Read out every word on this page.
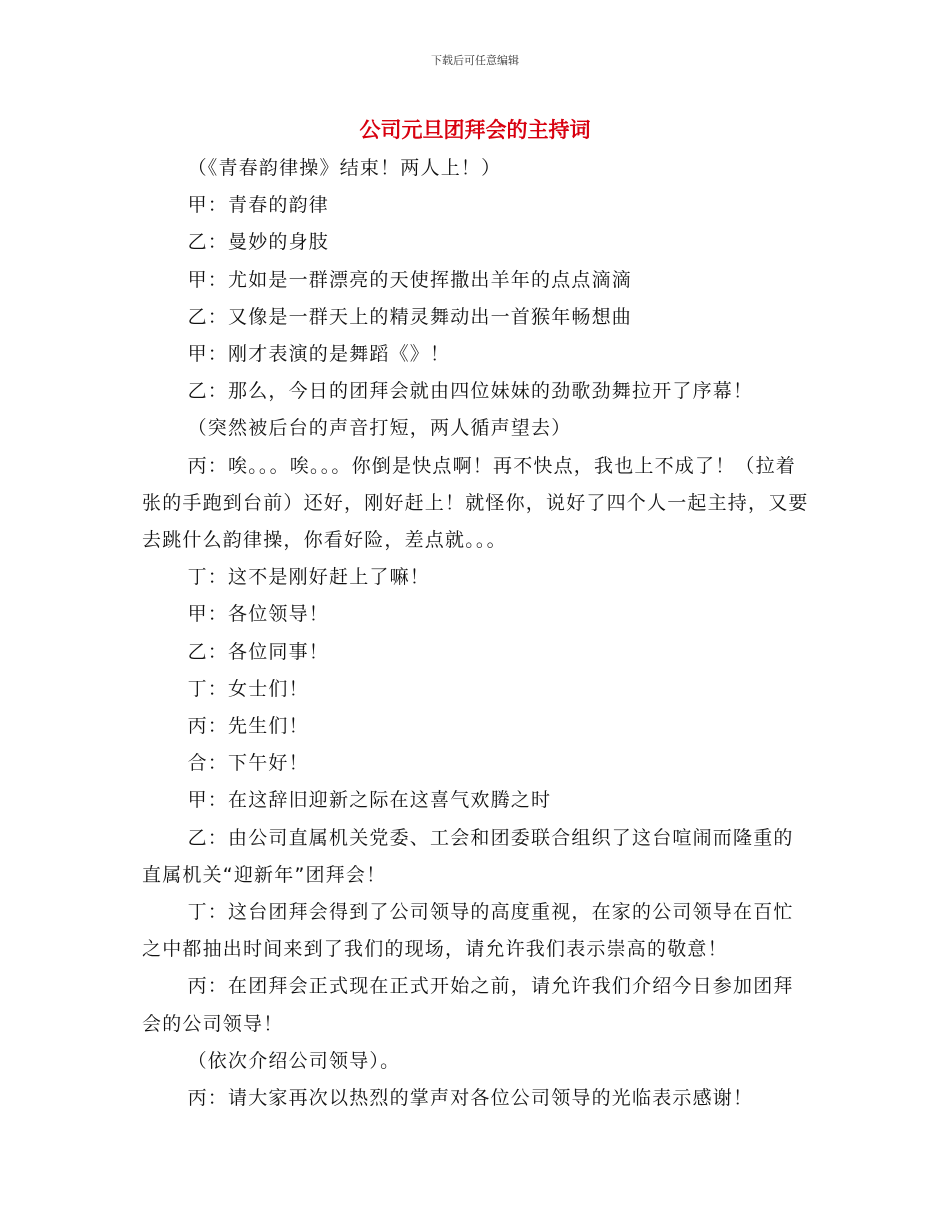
下载后可任意编辑
公司元旦团拜会的主持词

（《青春韵律操》结束！两人上！）

甲：青春的韵律

乙：曼妙的身肢

甲：尤如是一群漂亮的天使挥撒出羊年的点点滴滴

乙：又像是一群天上的精灵舞动出一首猴年畅想曲

甲：刚才表演的是舞蹈《》！

乙：那么，今日的团拜会就由四位妹妹的劲歌劲舞拉开了序幕！

（突然被后台的声音打短，两人循声望去）

丙：唉。。。唉。。。你倒是快点啊！再不快点，我也上不成了！（拉着张的手跑到台前）还好，刚好赶上！就怪你，说好了四个人一起主持，又要去跳什么韵律操，你看好险，差点就。。。

丁：这不是刚好赶上了嘛！

甲：各位领导！

乙：各位同事！

丁：女士们！

丙：先生们！

合：下午好！

甲：在这辞旧迎新之际在这喜气欢腾之时

乙：由公司直属机关党委、工会和团委联合组织了这台喧闹而隆重的直属机关“迎新年”团拜会！

丁：这台团拜会得到了公司领导的高度重视，在家的公司领导在百忙之中都抽出时间来到了我们的现场，请允许我们表示崇高的敬意！

丙：在团拜会正式现在正式开始之前，请允许我们介绍今日参加团拜会的公司领导！

（依次介绍公司领导）。

丙：请大家再次以热烈的掌声对各位公司领导的光临表示感谢！
